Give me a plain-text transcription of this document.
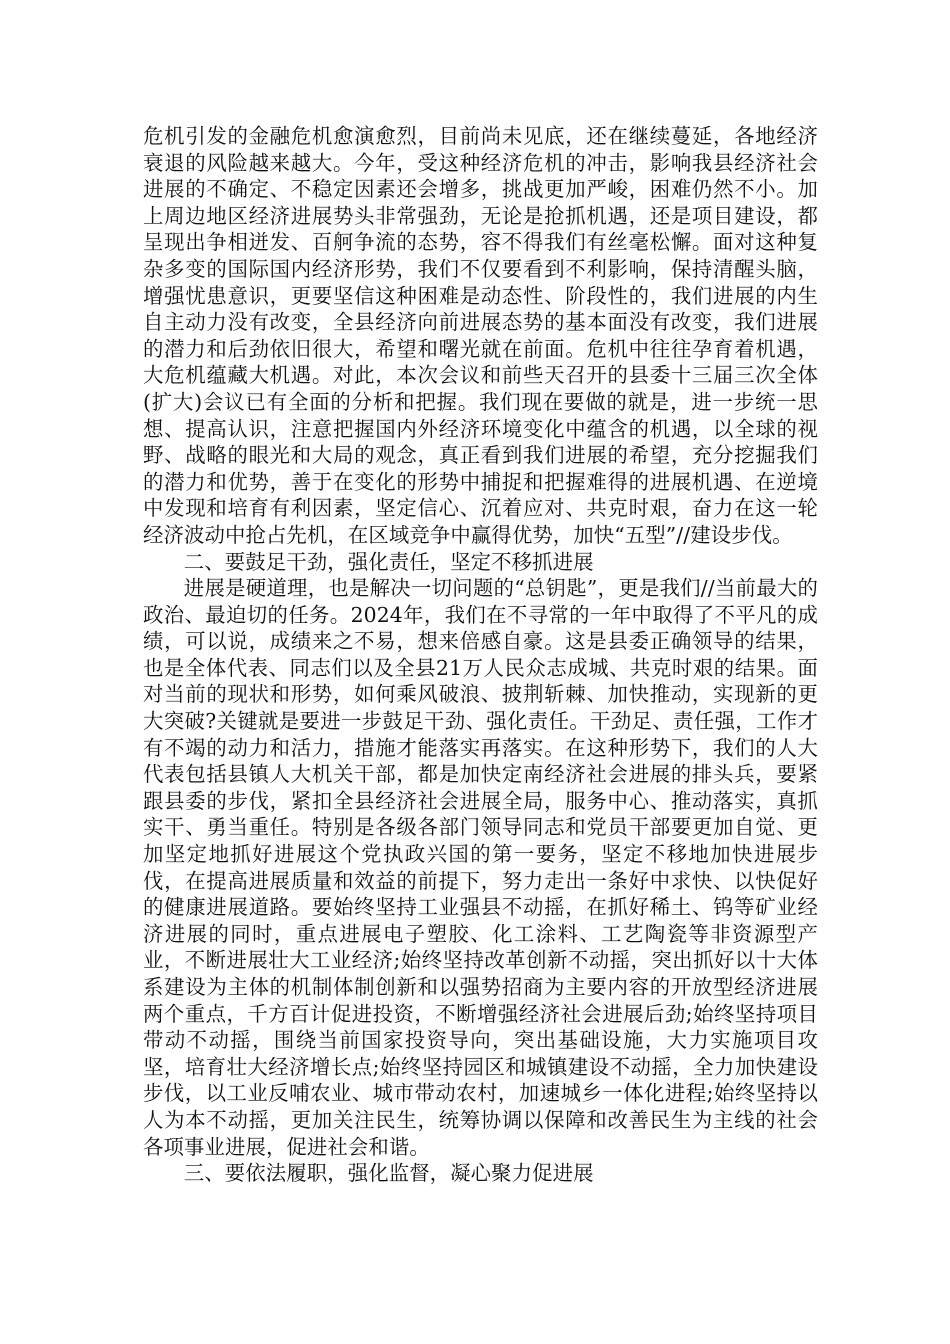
危机引发的金融危机愈演愈烈，目前尚未见底，还在继续蔓延，各地经济衰退的风险越来越大。今年，受这种经济危机的冲击，影响我县经济社会进展的不确定、不稳定因素还会增多，挑战更加严峻，困难仍然不小。加上周边地区经济进展势头非常强劲，无论是抢抓机遇，还是项目建设，都呈现出争相迸发、百舸争流的态势，容不得我们有丝毫松懈。面对这种复杂多变的国际国内经济形势，我们不仅要看到不利影响，保持清醒头脑，增强忧患意识，更要坚信这种困难是动态性、阶段性的，我们进展的内生自主动力没有改变，全县经济向前进展态势的基本面没有改变，我们进展的潜力和后劲依旧很大，希望和曙光就在前面。危机中往往孕育着机遇，大危机蕴藏大机遇。对此，本次会议和前些天召开的县委十三届三次全体(扩大)会议已有全面的分析和把握。我们现在要做的就是，进一步统一思想、提高认识，注意把握国内外经济环境变化中蕴含的机遇，以全球的视野、战略的眼光和大局的观念，真正看到我们进展的希望，充分挖掘我们的潜力和优势，善于在变化的形势中捕捉和把握难得的进展机遇、在逆境中发现和培育有利因素，坚定信心、沉着应对、共克时艰，奋力在这一轮经济波动中抢占先机，在区域竞争中赢得优势，加快“五型”//建设步伐。

二、要鼓足干劲，强化责任，坚定不移抓进展

进展是硬道理，也是解决一切问题的“总钥匙”，更是我们//当前最大的政治、最迫切的任务。2024年，我们在不寻常的一年中取得了不平凡的成绩，可以说，成绩来之不易，想来倍感自豪。这是县委正确领导的结果，也是全体代表、同志们以及全县21万人民众志成城、共克时艰的结果。面对当前的现状和形势，如何乘风破浪、披荆斩棘、加快推动，实现新的更大突破?关键就是要进一步鼓足干劲、强化责任。干劲足、责任强，工作才有不竭的动力和活力，措施才能落实再落实。在这种形势下，我们的人大代表包括县镇人大机关干部，都是加快定南经济社会进展的排头兵，要紧跟县委的步伐，紧扣全县经济社会进展全局，服务中心、推动落实，真抓实干、勇当重任。特别是各级各部门领导同志和党员干部要更加自觉、更加坚定地抓好进展这个党执政兴国的第一要务，坚定不移地加快进展步伐，在提高进展质量和效益的前提下，努力走出一条好中求快、以快促好的健康进展道路。要始终坚持工业强县不动摇，在抓好稀土、钨等矿业经济进展的同时，重点进展电子塑胶、化工涂料、工艺陶瓷等非资源型产业，不断进展壮大工业经济;始终坚持改革创新不动摇，突出抓好以十大体系建设为主体的机制体制创新和以强势招商为主要内容的开放型经济进展两个重点，千方百计促进投资，不断增强经济社会进展后劲;始终坚持项目带动不动摇，围绕当前国家投资导向，突出基础设施，大力实施项目攻坚，培育壮大经济增长点;始终坚持园区和城镇建设不动摇，全力加快建设步伐，以工业反哺农业、城市带动农村，加速城乡一体化进程;始终坚持以人为本不动摇，更加关注民生，统筹协调以保障和改善民生为主线的社会各项事业进展，促进社会和谐。

三、要依法履职，强化监督，凝心聚力促进展
